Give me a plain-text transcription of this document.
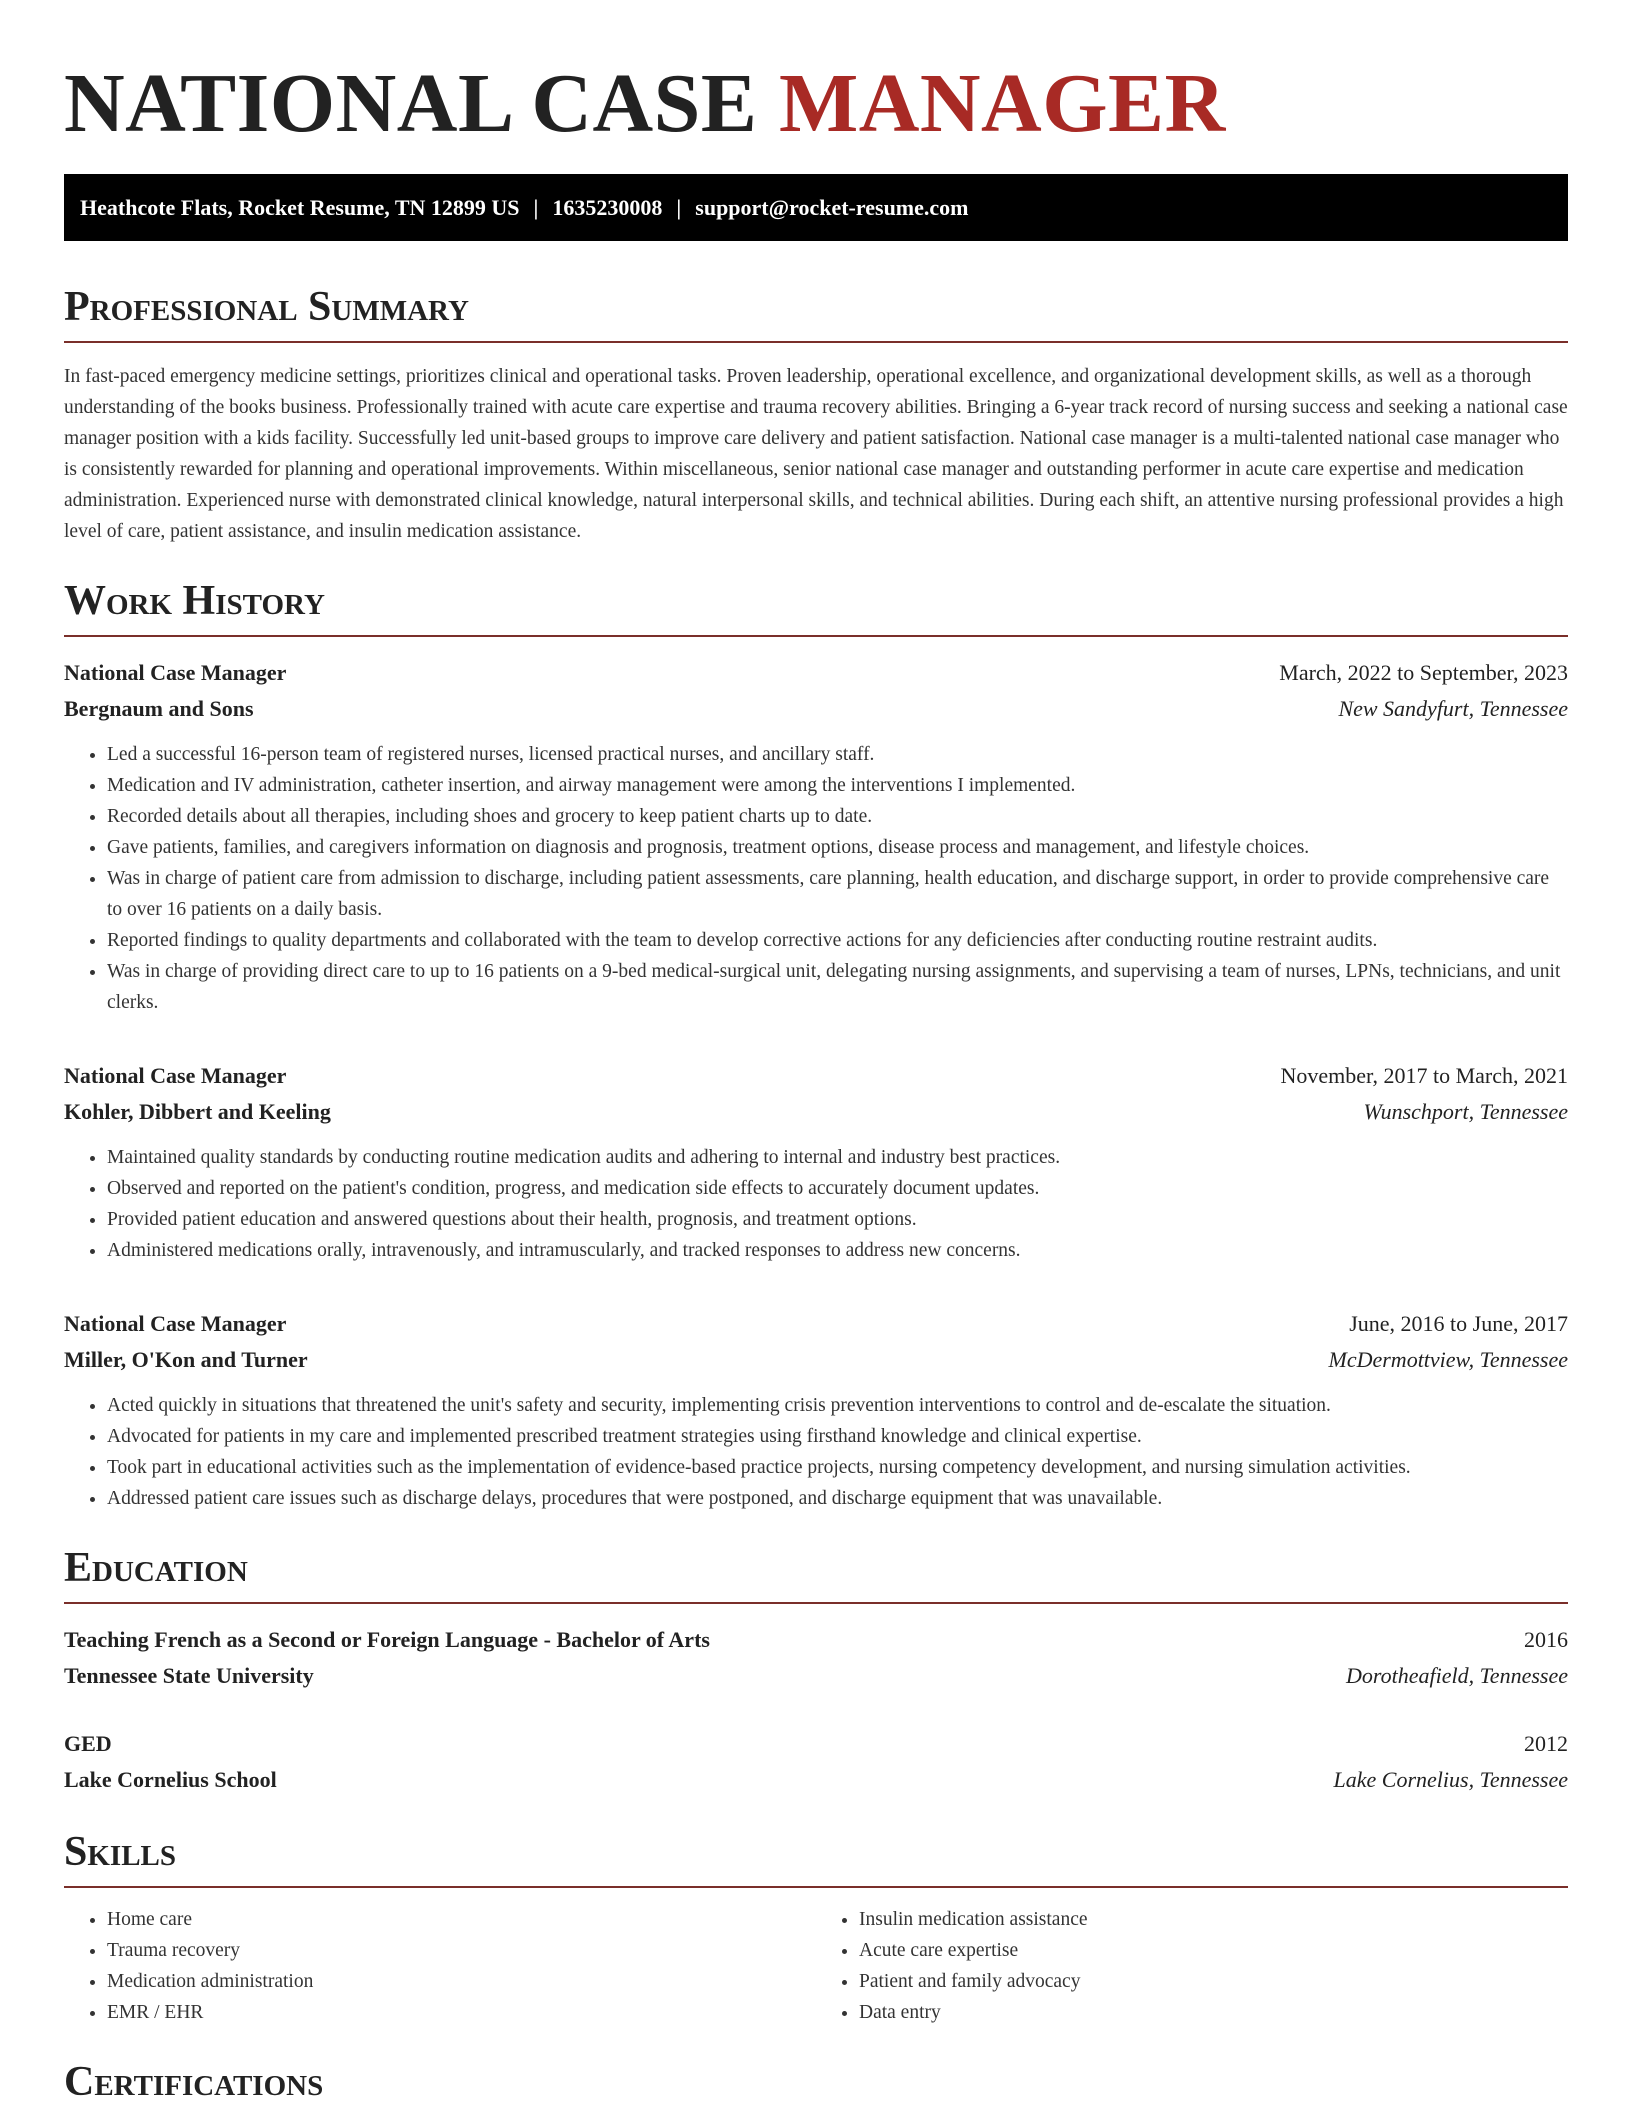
NATIONAL CASE MANAGER
Heathcote Flats, Rocket Resume, TN 12899 US | 1635230008 | support@rocket-resume.com
Professional Summary

In fast-paced emergency medicine settings, prioritizes clinical and operational tasks. Proven leadership, operational excellence, and organizational development skills, as well as a thorough understanding of the books business. Professionally trained with acute care expertise and trauma recovery abilities. Bringing a 6-year track record of nursing success and seeking a national case manager position with a kids facility. Successfully led unit-based groups to improve care delivery and patient satisfaction. National case manager is a multi-talented national case manager who is consistently rewarded for planning and operational improvements. Within miscellaneous, senior national case manager and outstanding performer in acute care expertise and medication administration. Experienced nurse with demonstrated clinical knowledge, natural interpersonal skills, and technical abilities. During each shift, an attentive nursing professional provides a high level of care, patient assistance, and insulin medication assistance.

Work History
National Case Manager	March, 2022 to September, 2023
Bergnaum and Sons	New Sandyfurt, Tennessee
• Led a successful 16-person team of registered nurses, licensed practical nurses, and ancillary staff.
• Medication and IV administration, catheter insertion, and airway management were among the interventions I implemented.
• Recorded details about all therapies, including shoes and grocery to keep patient charts up to date.
• Gave patients, families, and caregivers information on diagnosis and prognosis, treatment options, disease process and management, and lifestyle choices.
• Was in charge of patient care from admission to discharge, including patient assessments, care planning, health education, and discharge support, in order to provide comprehensive care to over 16 patients on a daily basis.
• Reported findings to quality departments and collaborated with the team to develop corrective actions for any deficiencies after conducting routine restraint audits.
• Was in charge of providing direct care to up to 16 patients on a 9-bed medical-surgical unit, delegating nursing assignments, and supervising a team of nurses, LPNs, technicians, and unit clerks.
National Case Manager	November, 2017 to March, 2021
Kohler, Dibbert and Keeling	Wunschport, Tennessee
• Maintained quality standards by conducting routine medication audits and adhering to internal and industry best practices.
• Observed and reported on the patient's condition, progress, and medication side effects to accurately document updates.
• Provided patient education and answered questions about their health, prognosis, and treatment options.
• Administered medications orally, intravenously, and intramuscularly, and tracked responses to address new concerns.
National Case Manager	June, 2016 to June, 2017
Miller, O'Kon and Turner	McDermottview, Tennessee
• Acted quickly in situations that threatened the unit's safety and security, implementing crisis prevention interventions to control and de-escalate the situation.
• Advocated for patients in my care and implemented prescribed treatment strategies using firsthand knowledge and clinical expertise.
• Took part in educational activities such as the implementation of evidence-based practice projects, nursing competency development, and nursing simulation activities.
• Addressed patient care issues such as discharge delays, procedures that were postponed, and discharge equipment that was unavailable.
Education
Teaching French as a Second or Foreign Language - Bachelor of Arts	2016
Tennessee State University	Dorotheafield, Tennessee
GED	2012
Lake Cornelius School	Lake Cornelius, Tennessee
Skills
• Home care
• Trauma recovery
• Medication administration
• EMR / EHR
• Insulin medication assistance
• Acute care expertise
• Patient and family advocacy
• Data entry
Certifications
